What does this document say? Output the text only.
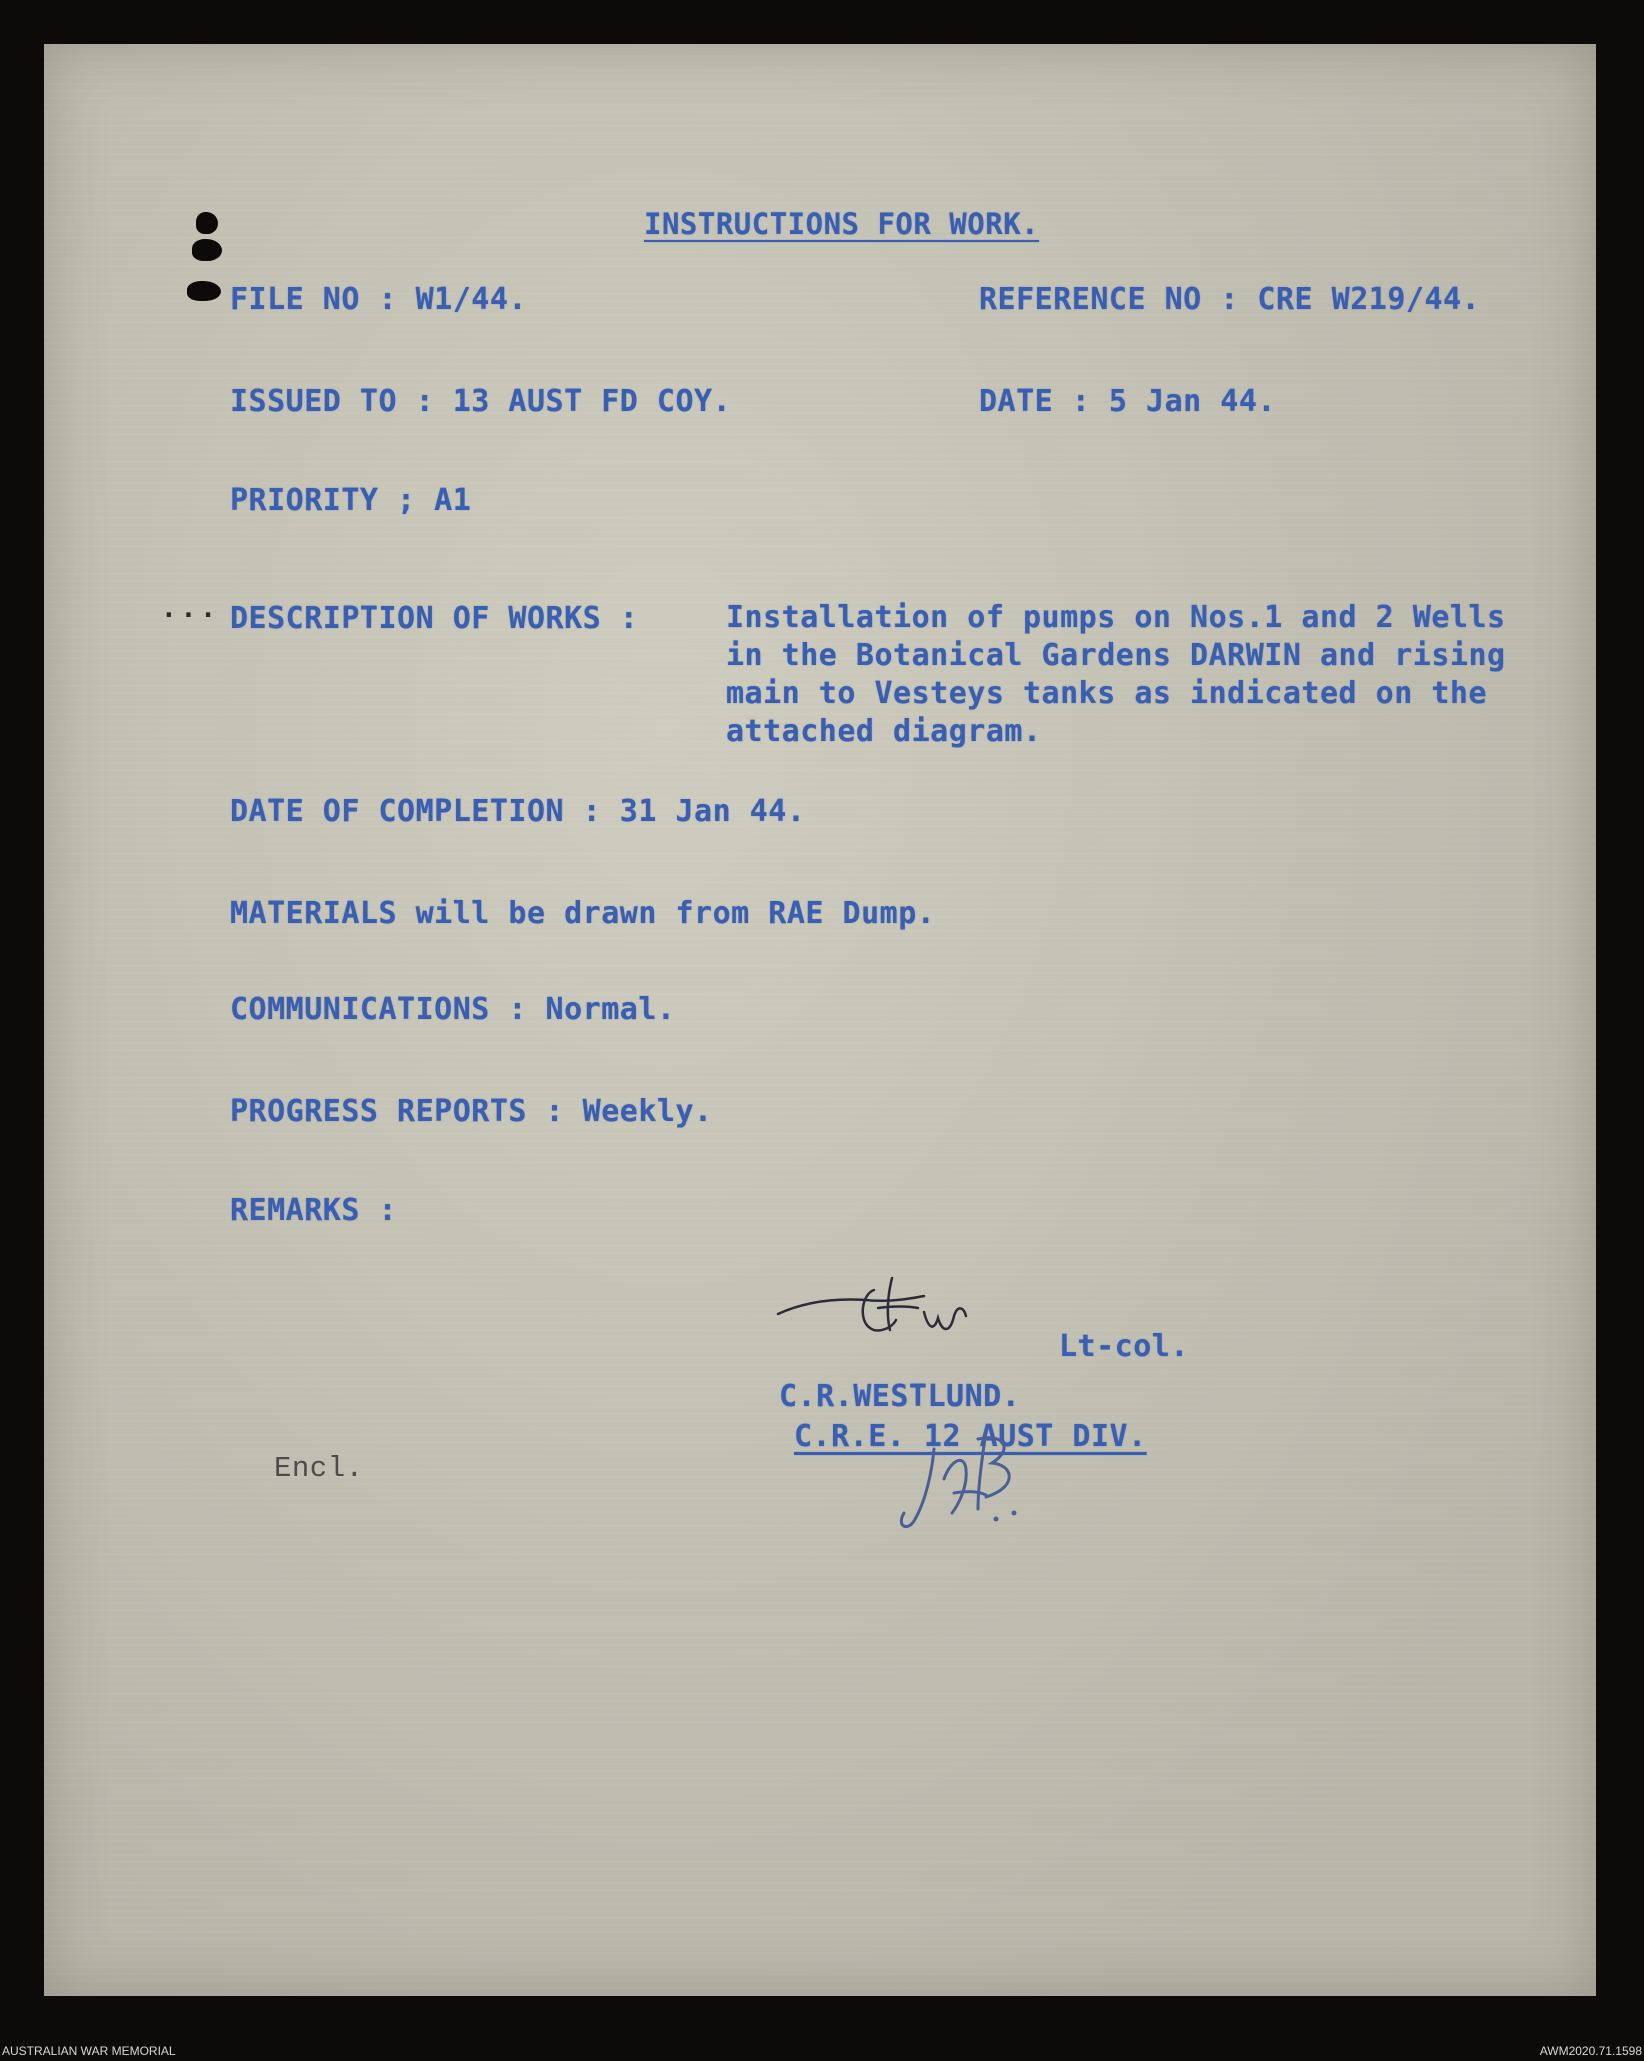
INSTRUCTIONS FOR WORK.
FILE NO : W1/44.	REFERENCE NO : CRE W219/44.
ISSUED TO : 13 AUST FD COY.	DATE : 5 Jan 44.
PRIORITY ; A1
... DESCRIPTION OF WORKS :	Installation of pumps on Nos.1 and 2 Wells
in the Botanical Gardens DARWIN and rising
main to Vesteys tanks as indicated on the
attached diagram.
DATE OF COMPLETION : 31 Jan 44.
MATERIALS will be drawn from RAE Dump.
COMMUNICATIONS : Normal.
PROGRESS REPORTS : Weekly.
REMARKS :
Lt-col.
C.R.WESTLUND.
C.R.E. 12 AUST DIV.
Encl.
AUSTRALIAN WAR MEMORIAL	AWM2020.71.1598
